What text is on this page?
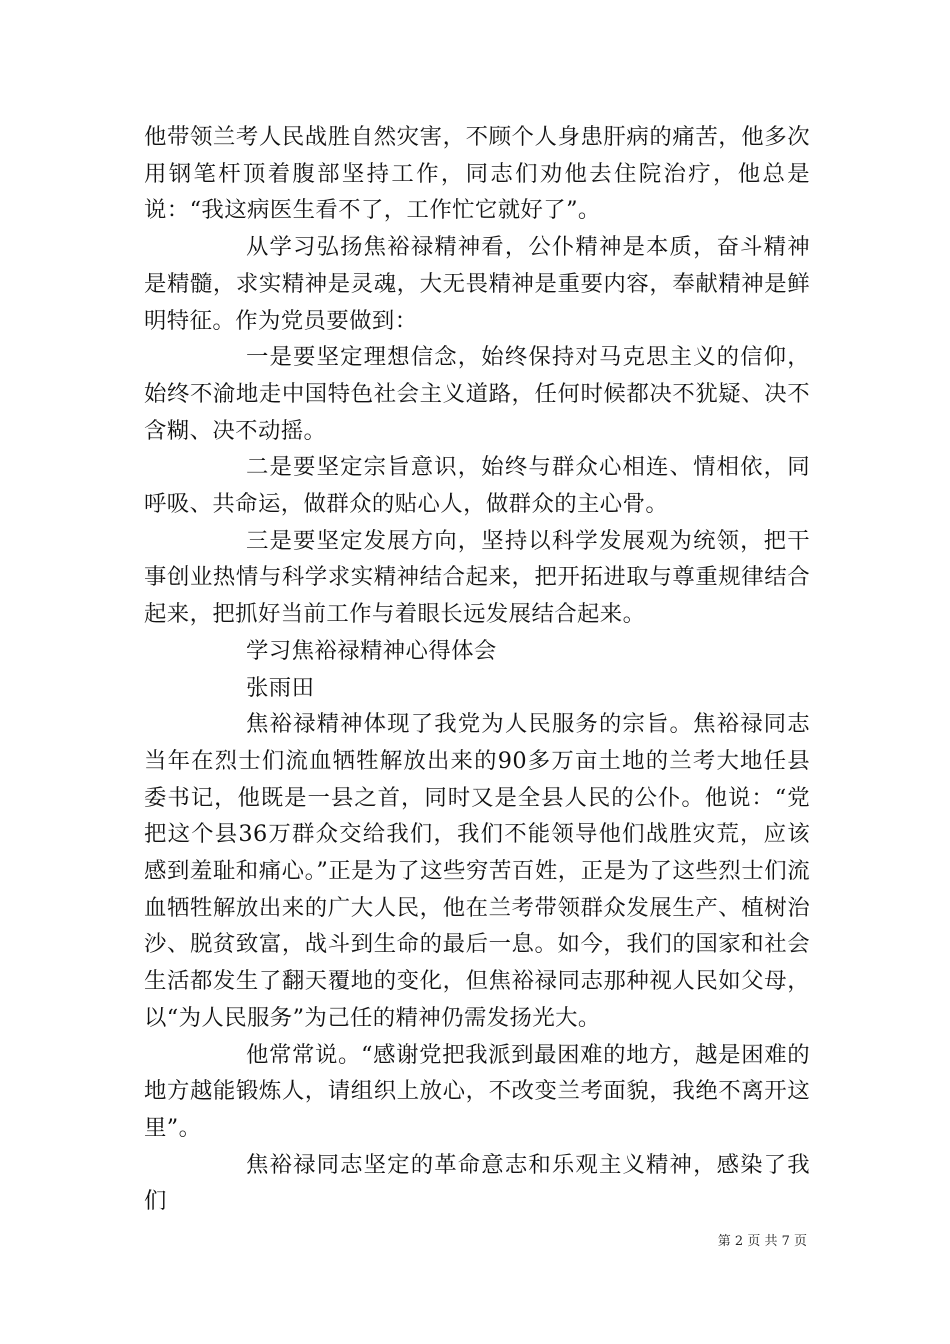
他带领兰考人民战胜自然灾害，不顾个人身患肝病的痛苦，他多次用钢笔杆顶着腹部坚持工作，同志们劝他去住院治疗，他总是说：“我这病医生看不了，工作忙它就好了”。

从学习弘扬焦裕禄精神看，公仆精神是本质，奋斗精神是精髓，求实精神是灵魂，大无畏精神是重要内容，奉献精神是鲜明特征。作为党员要做到：

一是要坚定理想信念，始终保持对马克思主义的信仰，始终不渝地走中国特色社会主义道路，任何时候都决不犹疑、决不含糊、决不动摇。

二是要坚定宗旨意识，始终与群众心相连、情相依，同呼吸、共命运，做群众的贴心人，做群众的主心骨。

三是要坚定发展方向，坚持以科学发展观为统领，把干事创业热情与科学求实精神结合起来，把开拓进取与尊重规律结合起来，把抓好当前工作与着眼长远发展结合起来。

学习焦裕禄精神心得体会

张雨田

焦裕禄精神体现了我党为人民服务的宗旨。焦裕禄同志当年在烈士们流血牺牲解放出来的90多万亩土地的兰考大地任县委书记，他既是一县之首，同时又是全县人民的公仆。他说：“党把这个县36万群众交给我们，我们不能领导他们战胜灾荒，应该感到羞耻和痛心。”正是为了这些穷苦百姓，正是为了这些烈士们流血牺牲解放出来的广大人民，他在兰考带领群众发展生产、植树治沙、脱贫致富，战斗到生命的最后一息。如今，我们的国家和社会生活都发生了翻天覆地的变化，但焦裕禄同志那种视人民如父母，以“为人民服务”为己任的精神仍需发扬光大。

他常常说。“感谢党把我派到最困难的地方，越是困难的地方越能锻炼人，请组织上放心，不改变兰考面貌，我绝不离开这里”。

焦裕禄同志坚定的革命意志和乐观主义精神，感染了我们

第 2 页 共 7 页
